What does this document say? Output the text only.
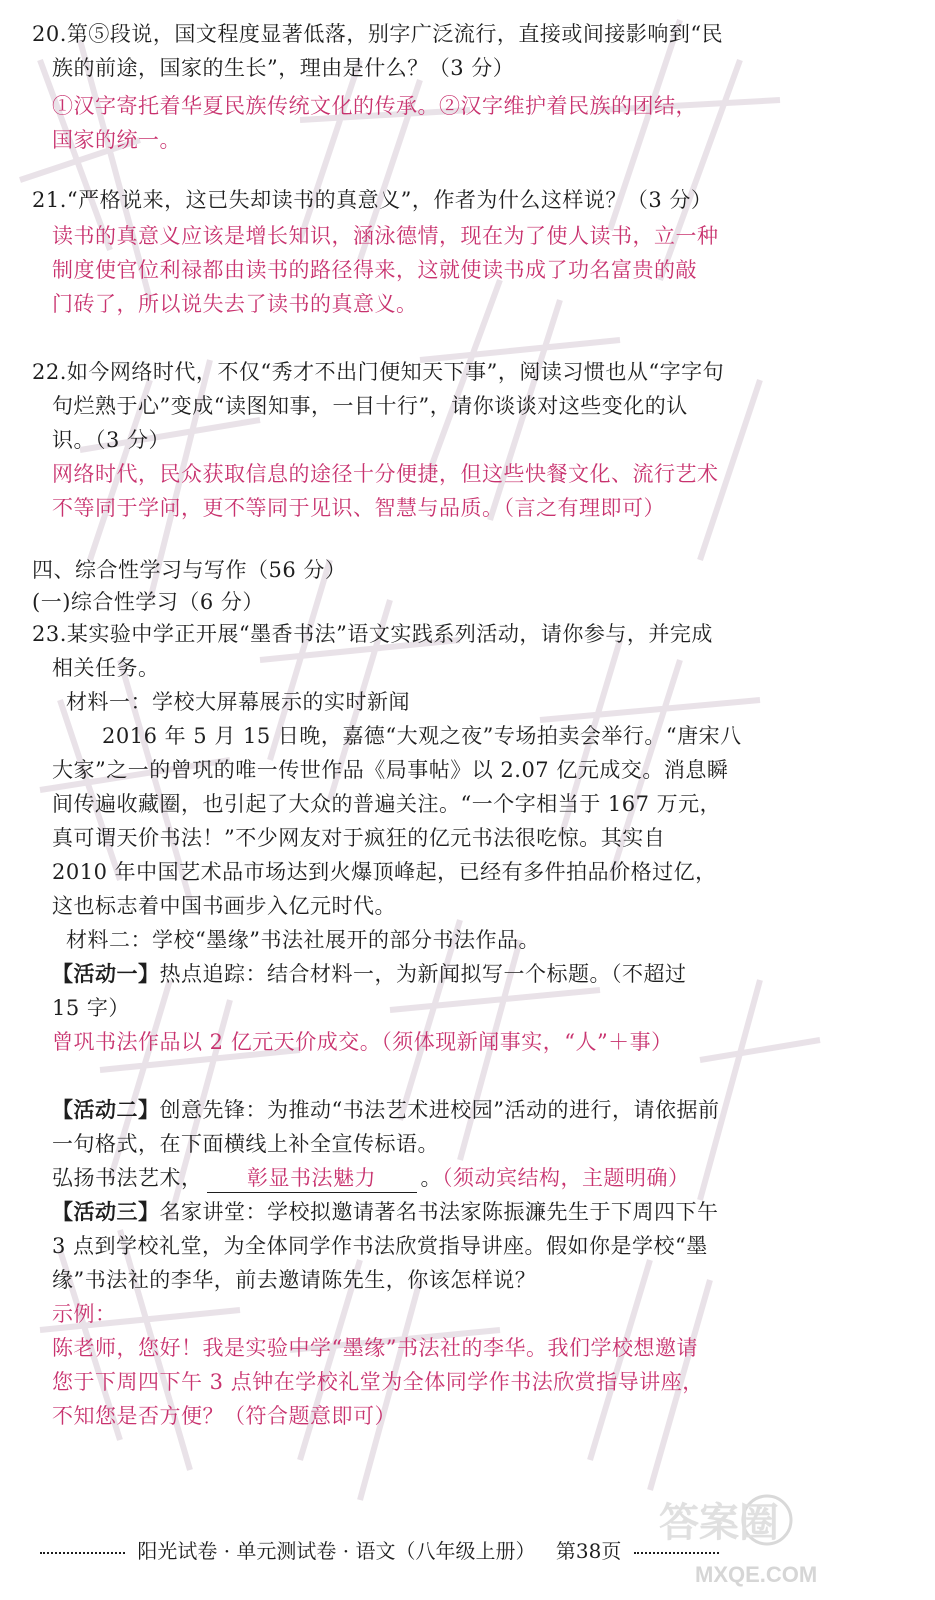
20.第⑤段说，国文程度显著低落，别字广泛流行，直接或间接影响到“民
族的前途，国家的生长”，理由是什么？（3 分）
①汉字寄托着华夏民族传统文化的传承。②汉字维护着民族的团结，
国家的统一。
21.“严格说来，这已失却读书的真意义”，作者为什么这样说？（3 分）
读书的真意义应该是增长知识，涵泳德情，现在为了使人读书，立一种
制度使官位利禄都由读书的路径得来，这就使读书成了功名富贵的敲
门砖了，所以说失去了读书的真意义。
22.如今网络时代，不仅“秀才不出门便知天下事”，阅读习惯也从“字字句
句烂熟于心”变成“读图知事，一目十行”，请你谈谈对这些变化的认
识。（3 分）
网络时代，民众获取信息的途径十分便捷，但这些快餐文化、流行艺术
不等同于学问，更不等同于见识、智慧与品质。（言之有理即可）
四、综合性学习与写作（56 分）
(一)综合性学习（6 分）
23.某实验中学正开展“墨香书法”语文实践系列活动，请你参与，并完成
相关任务。
材料一：学校大屏幕展示的实时新闻
2016 年 5 月 15 日晚，嘉德“大观之夜”专场拍卖会举行。“唐宋八
大家”之一的曾巩的唯一传世作品《局事帖》以 2.07 亿元成交。消息瞬
间传遍收藏圈，也引起了大众的普遍关注。“一个字相当于 167 万元，
真可谓天价书法！”不少网友对于疯狂的亿元书法很吃惊。其实自
2010 年中国艺术品市场达到火爆顶峰起，已经有多件拍品价格过亿，
这也标志着中国书画步入亿元时代。
材料二：学校“墨缘”书法社展开的部分书法作品。
【活动一】热点追踪：结合材料一，为新闻拟写一个标题。（不超过
15 字）
曾巩书法作品以 2 亿元天价成交。（须体现新闻事实，“人”＋事）
【活动二】创意先锋：为推动“书法艺术进校园”活动的进行，请依据前
一句格式，在下面横线上补全宣传标语。
弘扬书法艺术， 彰显书法魅力 。（须动宾结构，主题明确）
【活动三】名家讲堂：学校拟邀请著名书法家陈振濂先生于下周四下午
3 点到学校礼堂，为全体同学作书法欣赏指导讲座。假如你是学校“墨
缘”书法社的李华，前去邀请陈先生，你该怎样说？
示例：
陈老师，您好！我是实验中学“墨缘”书法社的李华。我们学校想邀请
您于下周四下午 3 点钟在学校礼堂为全体同学作书法欣赏指导讲座，
不知您是否方便？（符合题意即可）
答案圈
MXQE.COM
阳光试卷 · 单元测试卷 · 语文（八年级上册） 第38页
